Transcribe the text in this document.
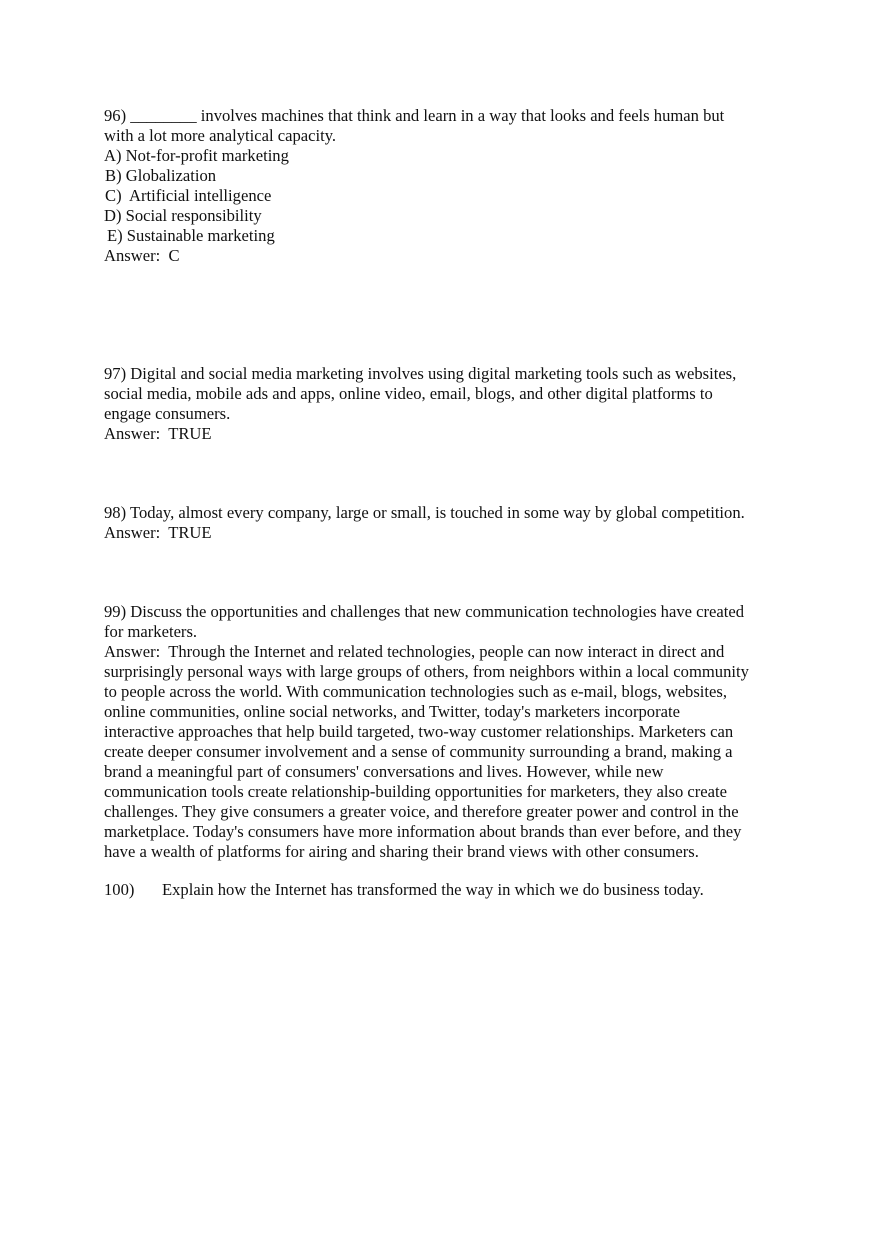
96) ________ involves machines that think and learn in a way that looks and feels human but
with a lot more analytical capacity.
A) Not-for-profit marketing
B) Globalization
C)  Artificial intelligence
D) Social responsibility
E) Sustainable marketing
Answer:  C
97) Digital and social media marketing involves using digital marketing tools such as websites,
social media, mobile ads and apps, online video, email, blogs, and other digital platforms to
engage consumers.
Answer:  TRUE
98) Today, almost every company, large or small, is touched in some way by global competition.
Answer:  TRUE
99) Discuss the opportunities and challenges that new communication technologies have created
for marketers.
Answer:  Through the Internet and related technologies, people can now interact in direct and
surprisingly personal ways with large groups of others, from neighbors within a local community
to people across the world. With communication technologies such as e-mail, blogs, websites,
online communities, online social networks, and Twitter, today's marketers incorporate
interactive approaches that help build targeted, two-way customer relationships. Marketers can
create deeper consumer involvement and a sense of community surrounding a brand, making a
brand a meaningful part of consumers' conversations and lives. However, while new
communication tools create relationship-building opportunities for marketers, they also create
challenges. They give consumers a greater voice, and therefore greater power and control in the
marketplace. Today's consumers have more information about brands than ever before, and they
have a wealth of platforms for airing and sharing their brand views with other consumers.
100) Explain how the Internet has transformed the way in which we do business today.
